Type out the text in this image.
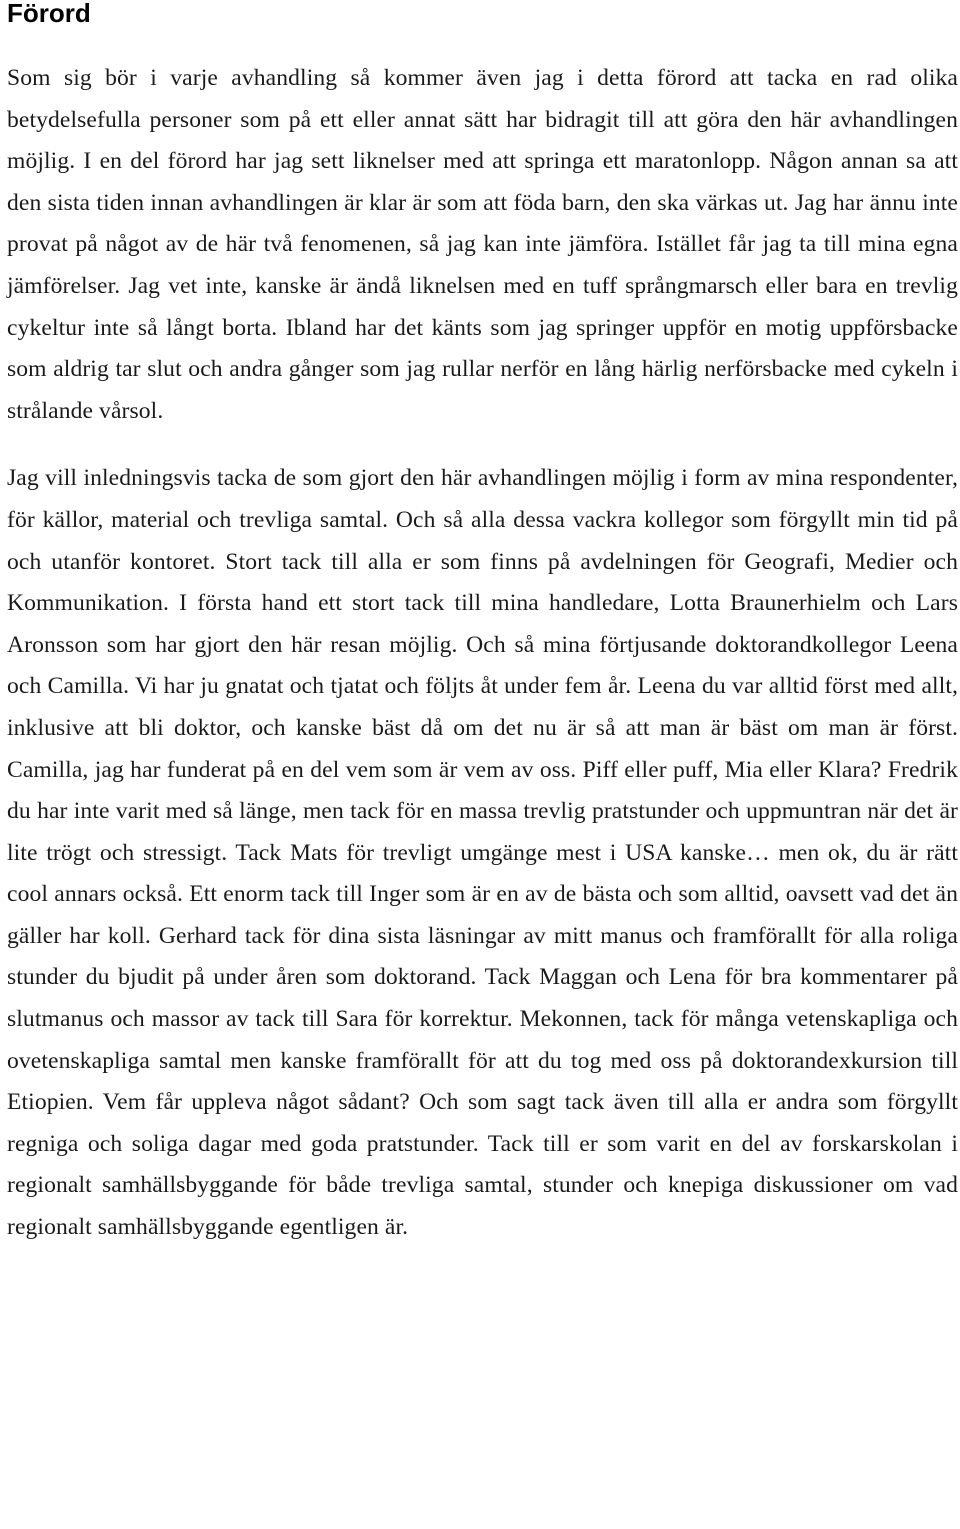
Förord

Som sig bör i varje avhandling så kommer även jag i detta förord att tacka en rad olika betydelsefulla personer som på ett eller annat sätt har bidragit till att göra den här avhandlingen möjlig. I en del förord har jag sett liknelser med att springa ett maratonlopp. Någon annan sa att den sista tiden innan avhandlingen är klar är som att föda barn, den ska värkas ut. Jag har ännu inte provat på något av de här två fenomenen, så jag kan inte jämföra. Istället får jag ta till mina egna jämförelser. Jag vet inte, kanske är ändå liknelsen med en tuff språngmarsch eller bara en trevlig cykeltur inte så långt borta. Ibland har det känts som jag springer uppför en motig uppförsbacke som aldrig tar slut och andra gånger som jag rullar nerför en lång härlig nerförsbacke med cykeln i strålande vårsol.

Jag vill inledningsvis tacka de som gjort den här avhandlingen möjlig i form av mina respondenter, för källor, material och trevliga samtal. Och så alla dessa vackra kollegor som förgyllt min tid på och utanför kontoret. Stort tack till alla er som finns på avdelningen för Geografi, Medier och Kommunikation. I första hand ett stort tack till mina handledare, Lotta Braunerhielm och Lars Aronsson som har gjort den här resan möjlig. Och så mina förtjusande doktorandkollegor Leena och Camilla. Vi har ju gnatat och tjatat och följts åt under fem år. Leena du var alltid först med allt, inklusive att bli doktor, och kanske bäst då om det nu är så att man är bäst om man är först. Camilla, jag har funderat på en del vem som är vem av oss. Piff eller puff, Mia eller Klara? Fredrik du har inte varit med så länge, men tack för en massa trevlig pratstunder och uppmuntran när det är lite trögt och stressigt. Tack Mats för trevligt umgänge mest i USA kanske… men ok, du är rätt cool annars också. Ett enorm tack till Inger som är en av de bästa och som alltid, oavsett vad det än gäller har koll. Gerhard tack för dina sista läsningar av mitt manus och framförallt för alla roliga stunder du bjudit på under åren som doktorand. Tack Maggan och Lena för bra kommentarer på slutmanus och massor av tack till Sara för korrektur. Mekonnen, tack för många vetenskapliga och ovetenskapliga samtal men kanske framförallt för att du tog med oss på doktorandexkursion till Etiopien. Vem får uppleva något sådant? Och som sagt tack även till alla er andra som förgyllt regniga och soliga dagar med goda pratstunder. Tack till er som varit en del av forskarskolan i regionalt samhällsbyggande för både trevliga samtal, stunder och knepiga diskussioner om vad regionalt samhällsbyggande egentligen är.
